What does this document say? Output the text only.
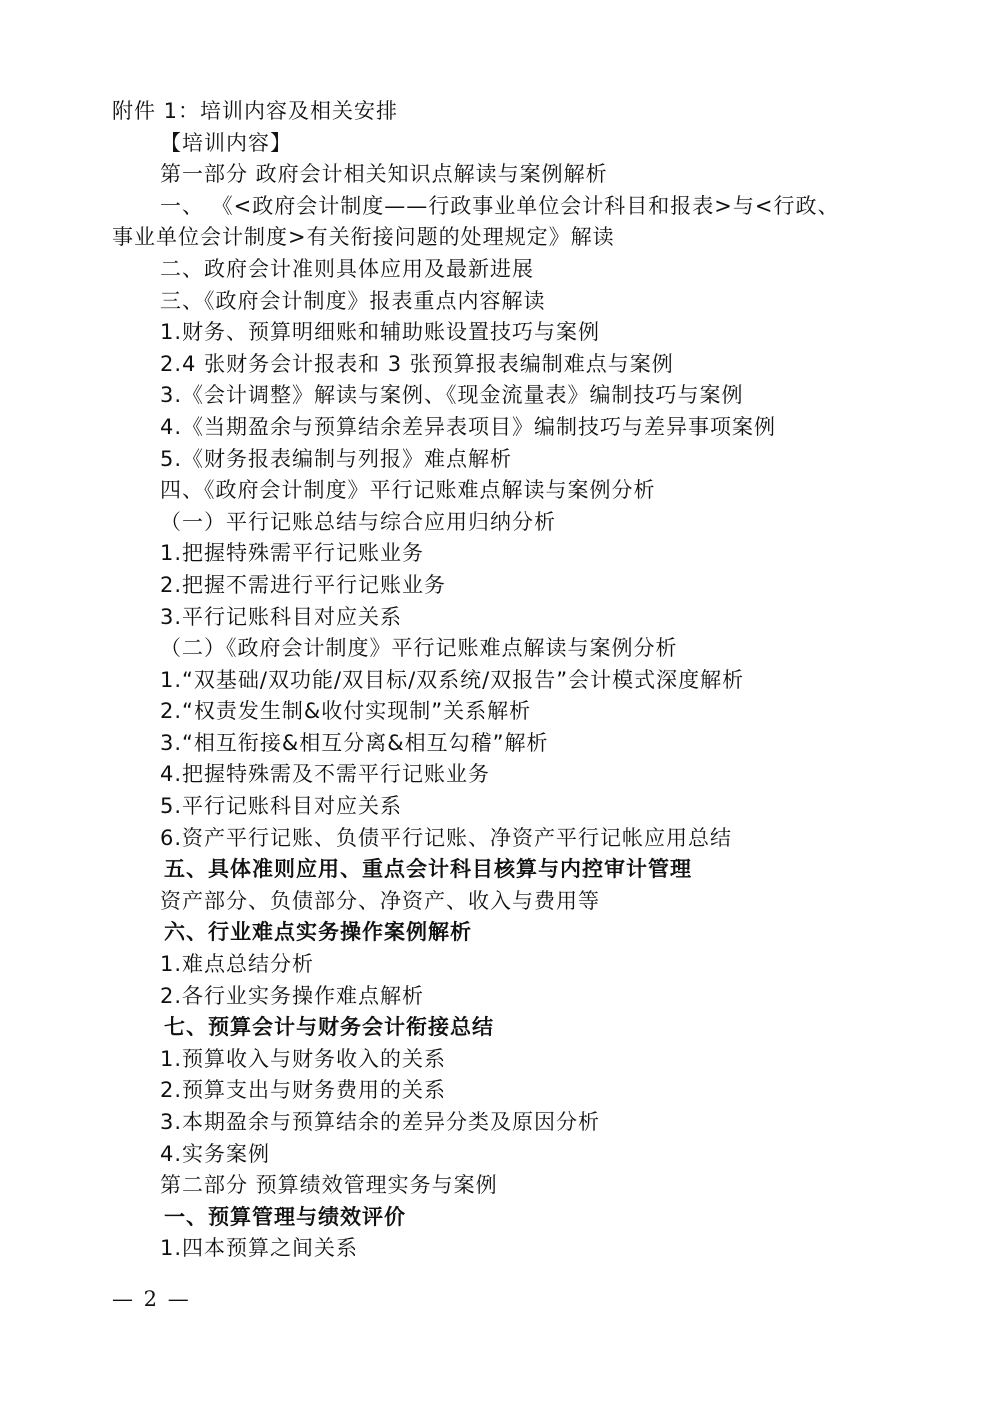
附件 1：培训内容及相关安排
【培训内容】
第一部分 政府会计相关知识点解读与案例解析
一、 《<政府会计制度——行政事业单位会计科目和报表>与<行政、
事业单位会计制度>有关衔接问题的处理规定》解读
二、政府会计准则具体应用及最新进展
三、《政府会计制度》报表重点内容解读
1.财务、预算明细账和辅助账设置技巧与案例
2.4 张财务会计报表和 3 张预算报表编制难点与案例
3.《会计调整》解读与案例、《现金流量表》编制技巧与案例
4.《当期盈余与预算结余差异表项目》编制技巧与差异事项案例
5.《财务报表编制与列报》难点解析
四、《政府会计制度》平行记账难点解读与案例分析
（一）平行记账总结与综合应用归纳分析
1.把握特殊需平行记账业务
2.把握不需进行平行记账业务
3.平行记账科目对应关系
（二）《政府会计制度》平行记账难点解读与案例分析
1.“双基础/双功能/双目标/双系统/双报告”会计模式深度解析
2.“权责发生制&收付实现制”关系解析
3.“相互衔接&相互分离&相互勾稽”解析
4.把握特殊需及不需平行记账业务
5.平行记账科目对应关系
6.资产平行记账、负债平行记账、净资产平行记帐应用总结
五、具体准则应用、重点会计科目核算与内控审计管理
资产部分、负债部分、净资产、收入与费用等
六、行业难点实务操作案例解析
1.难点总结分析
2.各行业实务操作难点解析
七、预算会计与财务会计衔接总结
1.预算收入与财务收入的关系
2.预算支出与财务费用的关系
3.本期盈余与预算结余的差异分类及原因分析
4.实务案例
第二部分 预算绩效管理实务与案例
一、预算管理与绩效评价
1.四本预算之间关系
— 2 —
